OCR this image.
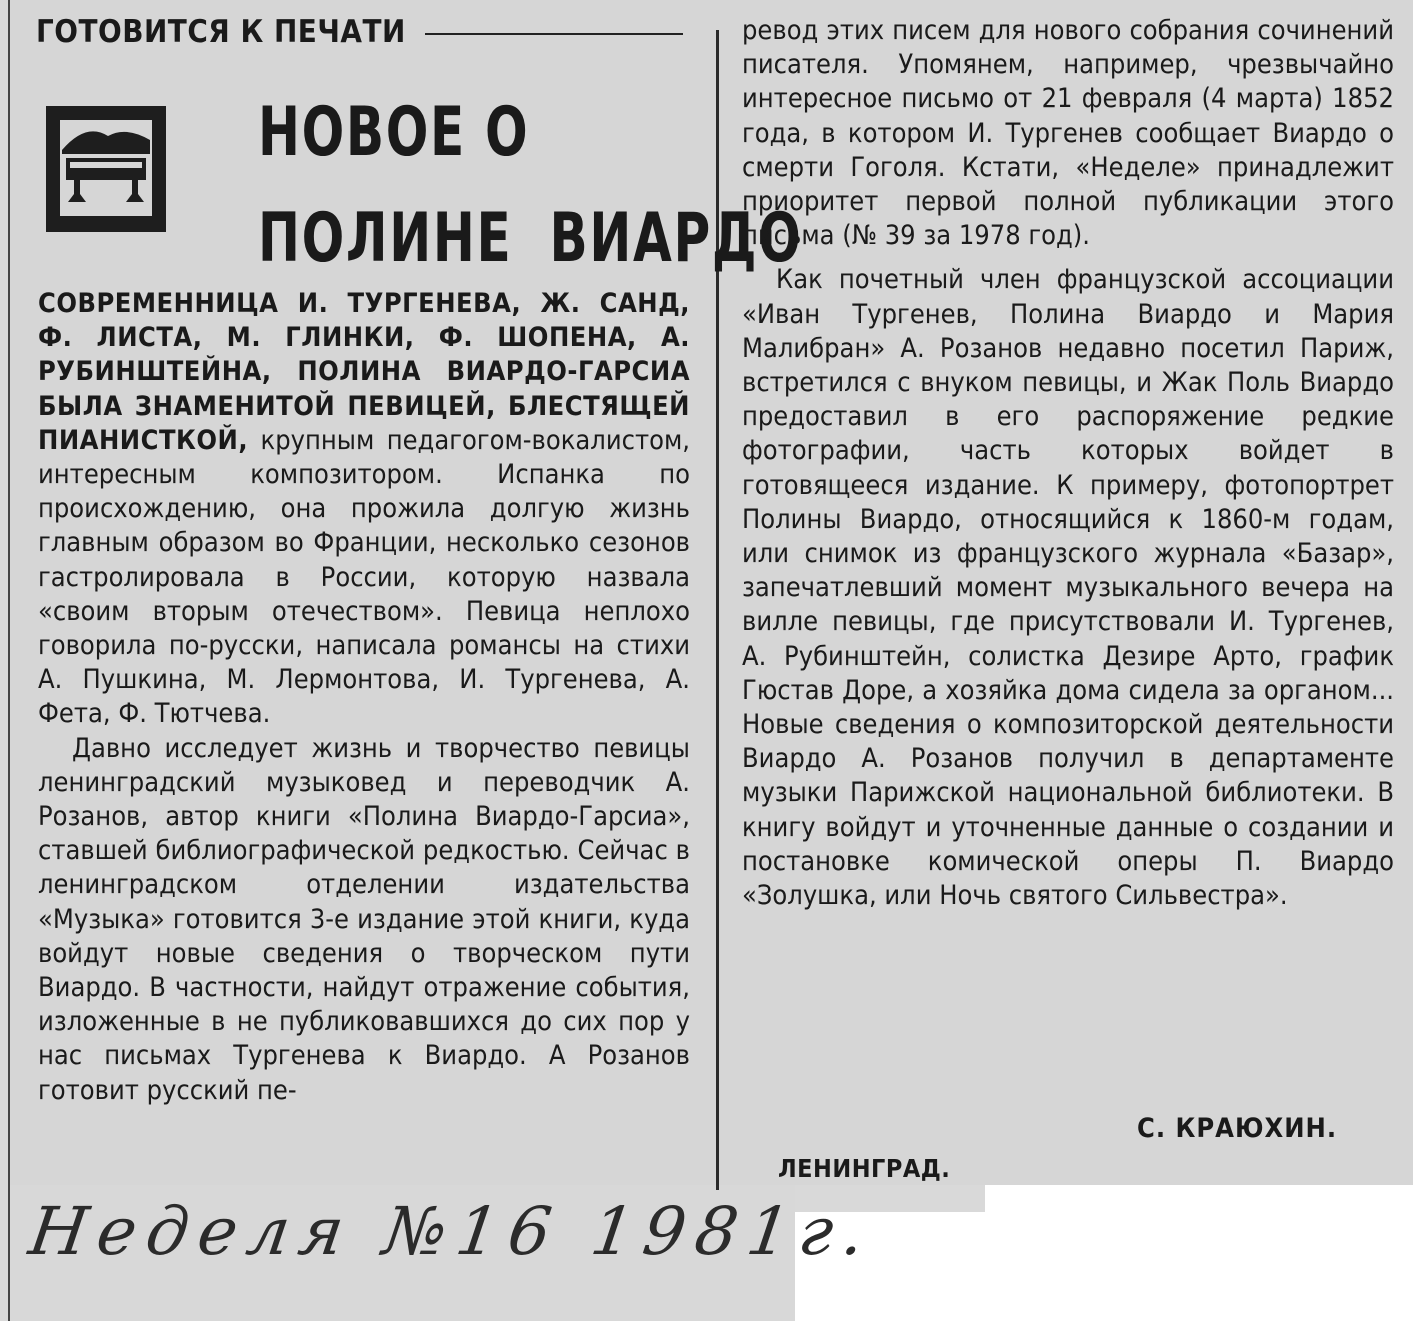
ГОТОВИТСЯ К ПЕЧАТИ
НОВОЕ О
ПОЛИНЕ ВИАРДО

СОВРЕМЕННИЦА И. ТУРГЕНЕВА, Ж. САНД, Ф. ЛИСТА, М. ГЛИНКИ, Ф. ШОПЕНА, А. РУБИНШТЕЙНА, ПОЛИНА ВИАРДО-ГАРСИА БЫЛА ЗНАМЕНИТОЙ ПЕВИЦЕЙ, БЛЕСТЯЩЕЙ ПИАНИСТКОЙ, крупным педагогом-вокалистом, интересным композитором. Испанка по происхождению, она прожила долгую жизнь главным образом во Франции, несколько сезонов гастролировала в России, которую назвала «своим вторым отечеством». Певица неплохо говорила по-русски, написала романсы на стихи А. Пушкина, М. Лермонтова, И. Тургенева, А. Фета, Ф. Тютчева.

Давно исследует жизнь и творчество певицы ленинградский музыковед и переводчик А. Розанов, автор книги «Полина Виардо-Гарсиа», ставшей библиографической редкостью. Сейчас в ленинградском отделении издательства «Музыка» готовится 3-е издание этой книги, куда войдут новые сведения о творческом пути Виардо. В частности, найдут отражение события, изложенные в не публиковавшихся до сих пор у нас письмах Тургенева к Виардо. А Розанов готовит русский пе-

ревод этих писем для нового собрания сочинений писателя. Упомянем, например, чрезвычайно интересное письмо от 21 февраля (4 марта) 1852 года, в котором И. Тургенев сообщает Виардо о смерти Гоголя. Кстати, «Неделе» принадлежит приоритет первой полной публикации этого письма (№ 39 за 1978 год).

Как почетный член французской ассоциации «Иван Тургенев, Полина Виардо и Мария Малибран» А. Розанов недавно посетил Париж, встретился с внуком певицы, и Жак Поль Виардо предоставил в его распоряжение редкие фотографии, часть которых войдет в готовящееся издание. К примеру, фотопортрет Полины Виардо, относящийся к 1860-м годам, или снимок из французского журнала «Базар», запечатлевший момент музыкального вечера на вилле певицы, где присутствовали И. Тургенев, А. Рубинштейн, солистка Дезире Арто, график Гюстав Доре, а хозяйка дома сидела за органом... Новые сведения о композиторской деятельности Виардо А. Розанов получил в департаменте музыки Парижской национальной библиотеки. В книгу войдут и уточненные данные о создании и постановке комической оперы П. Виардо «Золушка, или Ночь святого Сильвестра».

С. КРАЮХИН.
ЛЕНИНГРАД.
Неделя №16 1981г.
